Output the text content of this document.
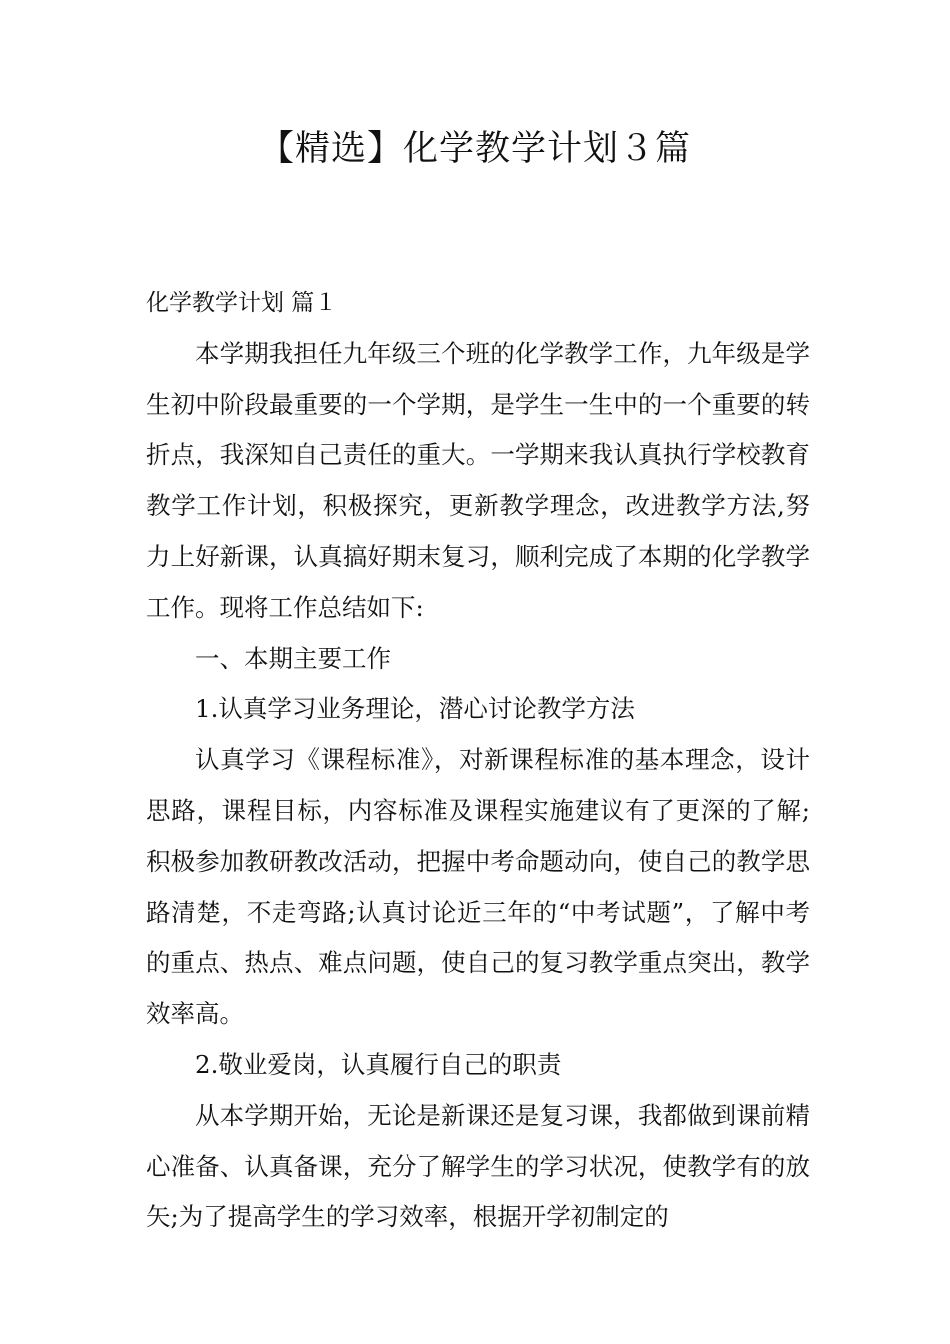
【精选】化学教学计划３篇

化学教学计划 篇１

本学期我担任九年级三个班的化学教学工作，九年级是学生初中阶段最重要的一个学期，是学生一生中的一个重要的转折点，我深知自己责任的重大。一学期来我认真执行学校教育教学工作计划，积极探究，更新教学理念，改进教学方法,努力上好新课，认真搞好期末复习，顺利完成了本期的化学教学工作。现将工作总结如下:

一、本期主要工作

1.认真学习业务理论，潜心讨论教学方法

认真学习《课程标准》，对新课程标准的基本理念，设计思路，课程目标，内容标准及课程实施建议有了更深的了解;积极参加教研教改活动，把握中考命题动向，使自己的教学思路清楚，不走弯路;认真讨论近三年的“中考试题”，了解中考的重点、热点、难点问题，使自己的复习教学重点突出，教学效率高。

2.敬业爱岗，认真履行自己的职责

从本学期开始，无论是新课还是复习课，我都做到课前精心准备、认真备课，充分了解学生的学习状况，使教学有的放矢;为了提高学生的学习效率，根据开学初制定的
